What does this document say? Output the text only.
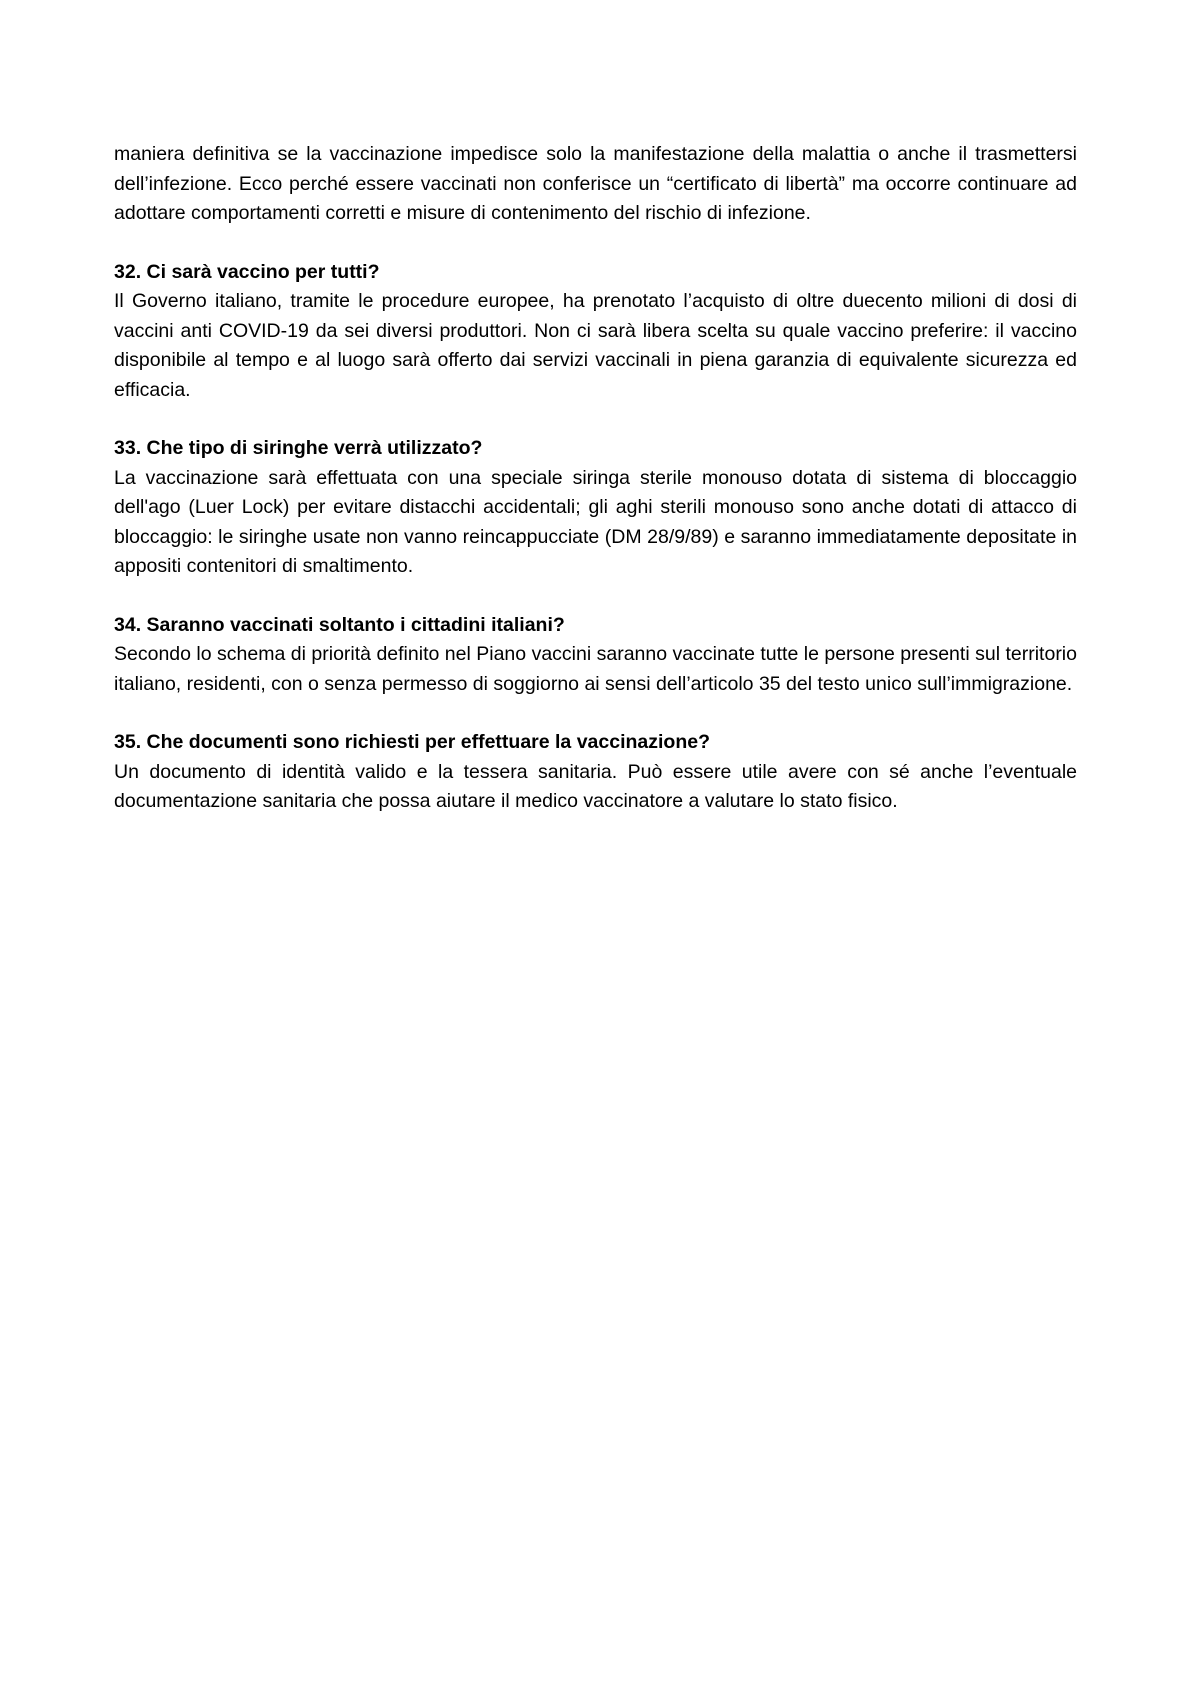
maniera definitiva se la vaccinazione impedisce solo la manifestazione della malattia o anche il trasmettersi dell’infezione. Ecco perché essere vaccinati non conferisce un “certificato di libertà” ma occorre continuare ad adottare comportamenti corretti e misure di contenimento del rischio di infezione.

32. Ci sarà vaccino per tutti?

Il Governo italiano, tramite le procedure europee, ha prenotato l’acquisto di oltre duecento milioni di dosi di vaccini anti COVID-19 da sei diversi produttori. Non ci sarà libera scelta su quale vaccino preferire: il vaccino disponibile al tempo e al luogo sarà offerto dai servizi vaccinali in piena garanzia di equivalente sicurezza ed efficacia.

33. Che tipo di siringhe verrà utilizzato?

La vaccinazione sarà effettuata con una speciale siringa sterile monouso dotata di sistema di bloccaggio dell'ago (Luer Lock) per evitare distacchi accidentali; gli aghi sterili monouso sono anche dotati di attacco di bloccaggio: le siringhe usate non vanno reincappucciate (DM 28/9/89) e saranno immediatamente depositate in appositi contenitori di smaltimento.

34. Saranno vaccinati soltanto i cittadini italiani?

Secondo lo schema di priorità definito nel Piano vaccini saranno vaccinate tutte le persone presenti sul territorio italiano, residenti, con o senza permesso di soggiorno ai sensi dell’articolo 35 del testo unico sull’immigrazione.

35. Che documenti sono richiesti per effettuare la vaccinazione?

Un documento di identità valido e la tessera sanitaria. Può essere utile avere con sé anche l’eventuale documentazione sanitaria che possa aiutare il medico vaccinatore a valutare lo stato fisico.
